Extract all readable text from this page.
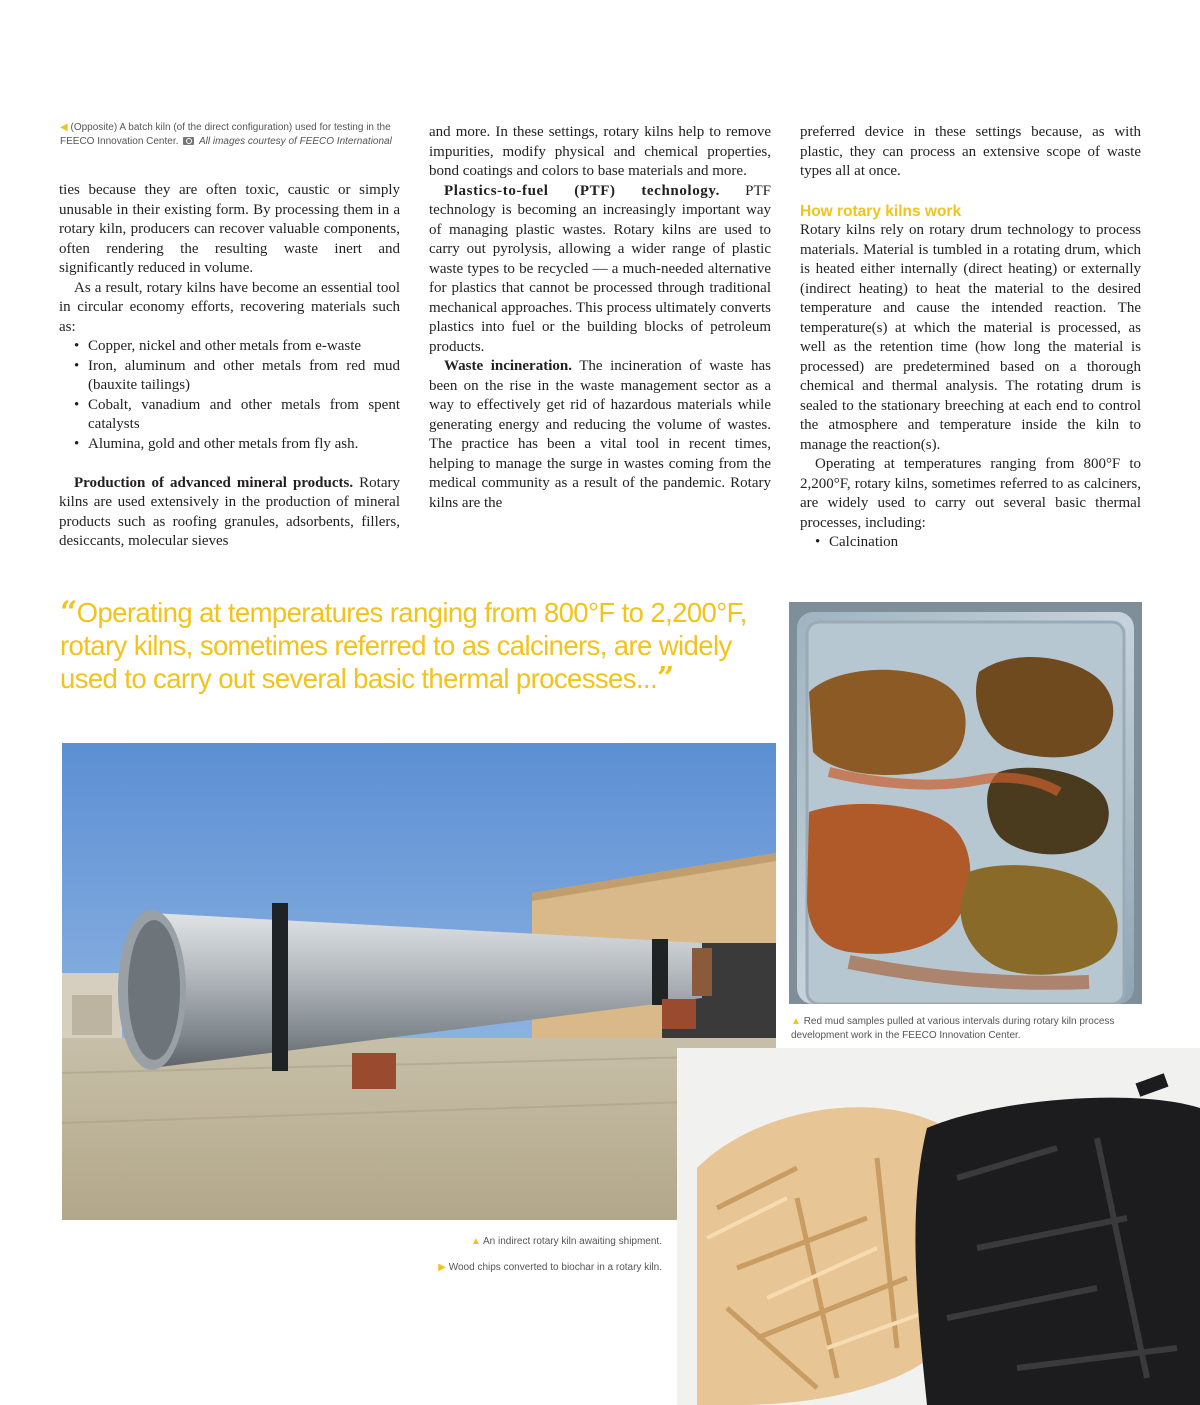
◀ (Opposite) A batch kiln (of the direct configuration) used for testing in the FEECO Innovation Center. All images courtesy of FEECO International

ties because they are often toxic, caustic or simply unusable in their existing form. By processing them in a rotary kiln, producers can recover valuable components, often rendering the resulting waste inert and significantly reduced in volume.

As a result, rotary kilns have become an essential tool in circular economy efforts, recovering materials such as:

• Copper, nickel and other metals from e-waste
• Iron, aluminum and other metals from red mud (bauxite tailings)
• Cobalt, vanadium and other metals from spent catalysts
• Alumina, gold and other metals from fly ash.

Production of advanced mineral products. Rotary kilns are used extensively in the production of mineral products such as roofing granules, adsorbents, fillers, desiccants, molecular sieves

and more. In these settings, rotary kilns help to remove impurities, modify physical and chemical properties, bond coatings and colors to base materials and more.

Plastics-to-fuel (PTF) technology. PTF technology is becoming an increasingly important way of managing plastic wastes. Rotary kilns are used to carry out pyrolysis, allowing a wider range of plastic waste types to be recycled — a much-needed alternative for plastics that cannot be processed through traditional mechanical approaches. This process ultimately converts plastics into fuel or the building blocks of petroleum products.

Waste incineration. The incineration of waste has been on the rise in the waste management sector as a way to effectively get rid of hazardous materials while generating energy and reducing the volume of wastes. The practice has been a vital tool in recent times, helping to manage the surge in wastes coming from the medical community as a result of the pandemic. Rotary kilns are the

preferred device in these settings because, as with plastic, they can process an extensive scope of waste types all at once.

How rotary kilns work

Rotary kilns rely on rotary drum technology to process materials. Material is tumbled in a rotating drum, which is heated either internally (direct heating) or externally (indirect heating) to heat the material to the desired temperature and cause the intended reaction. The temperature(s) at which the material is processed, as well as the retention time (how long the material is processed) are predetermined based on a thorough chemical and thermal analysis. The rotating drum is sealed to the stationary breeching at each end to control the atmosphere and temperature inside the kiln to manage the reaction(s).

Operating at temperatures ranging from 800°F to 2,200°F, rotary kilns, sometimes referred to as calciners, are widely used to carry out several basic thermal processes, including:

• Calcination
“Operating at temperatures ranging from 800°F to 2,200°F, rotary kilns, sometimes referred to as calciners, are widely used to carry out several basic thermal processes...”
▲ Red mud samples pulled at various intervals during rotary kiln process development work in the FEECO Innovation Center.
▲ An indirect rotary kiln awaiting shipment.
▶ Wood chips converted to biochar in a rotary kiln.
